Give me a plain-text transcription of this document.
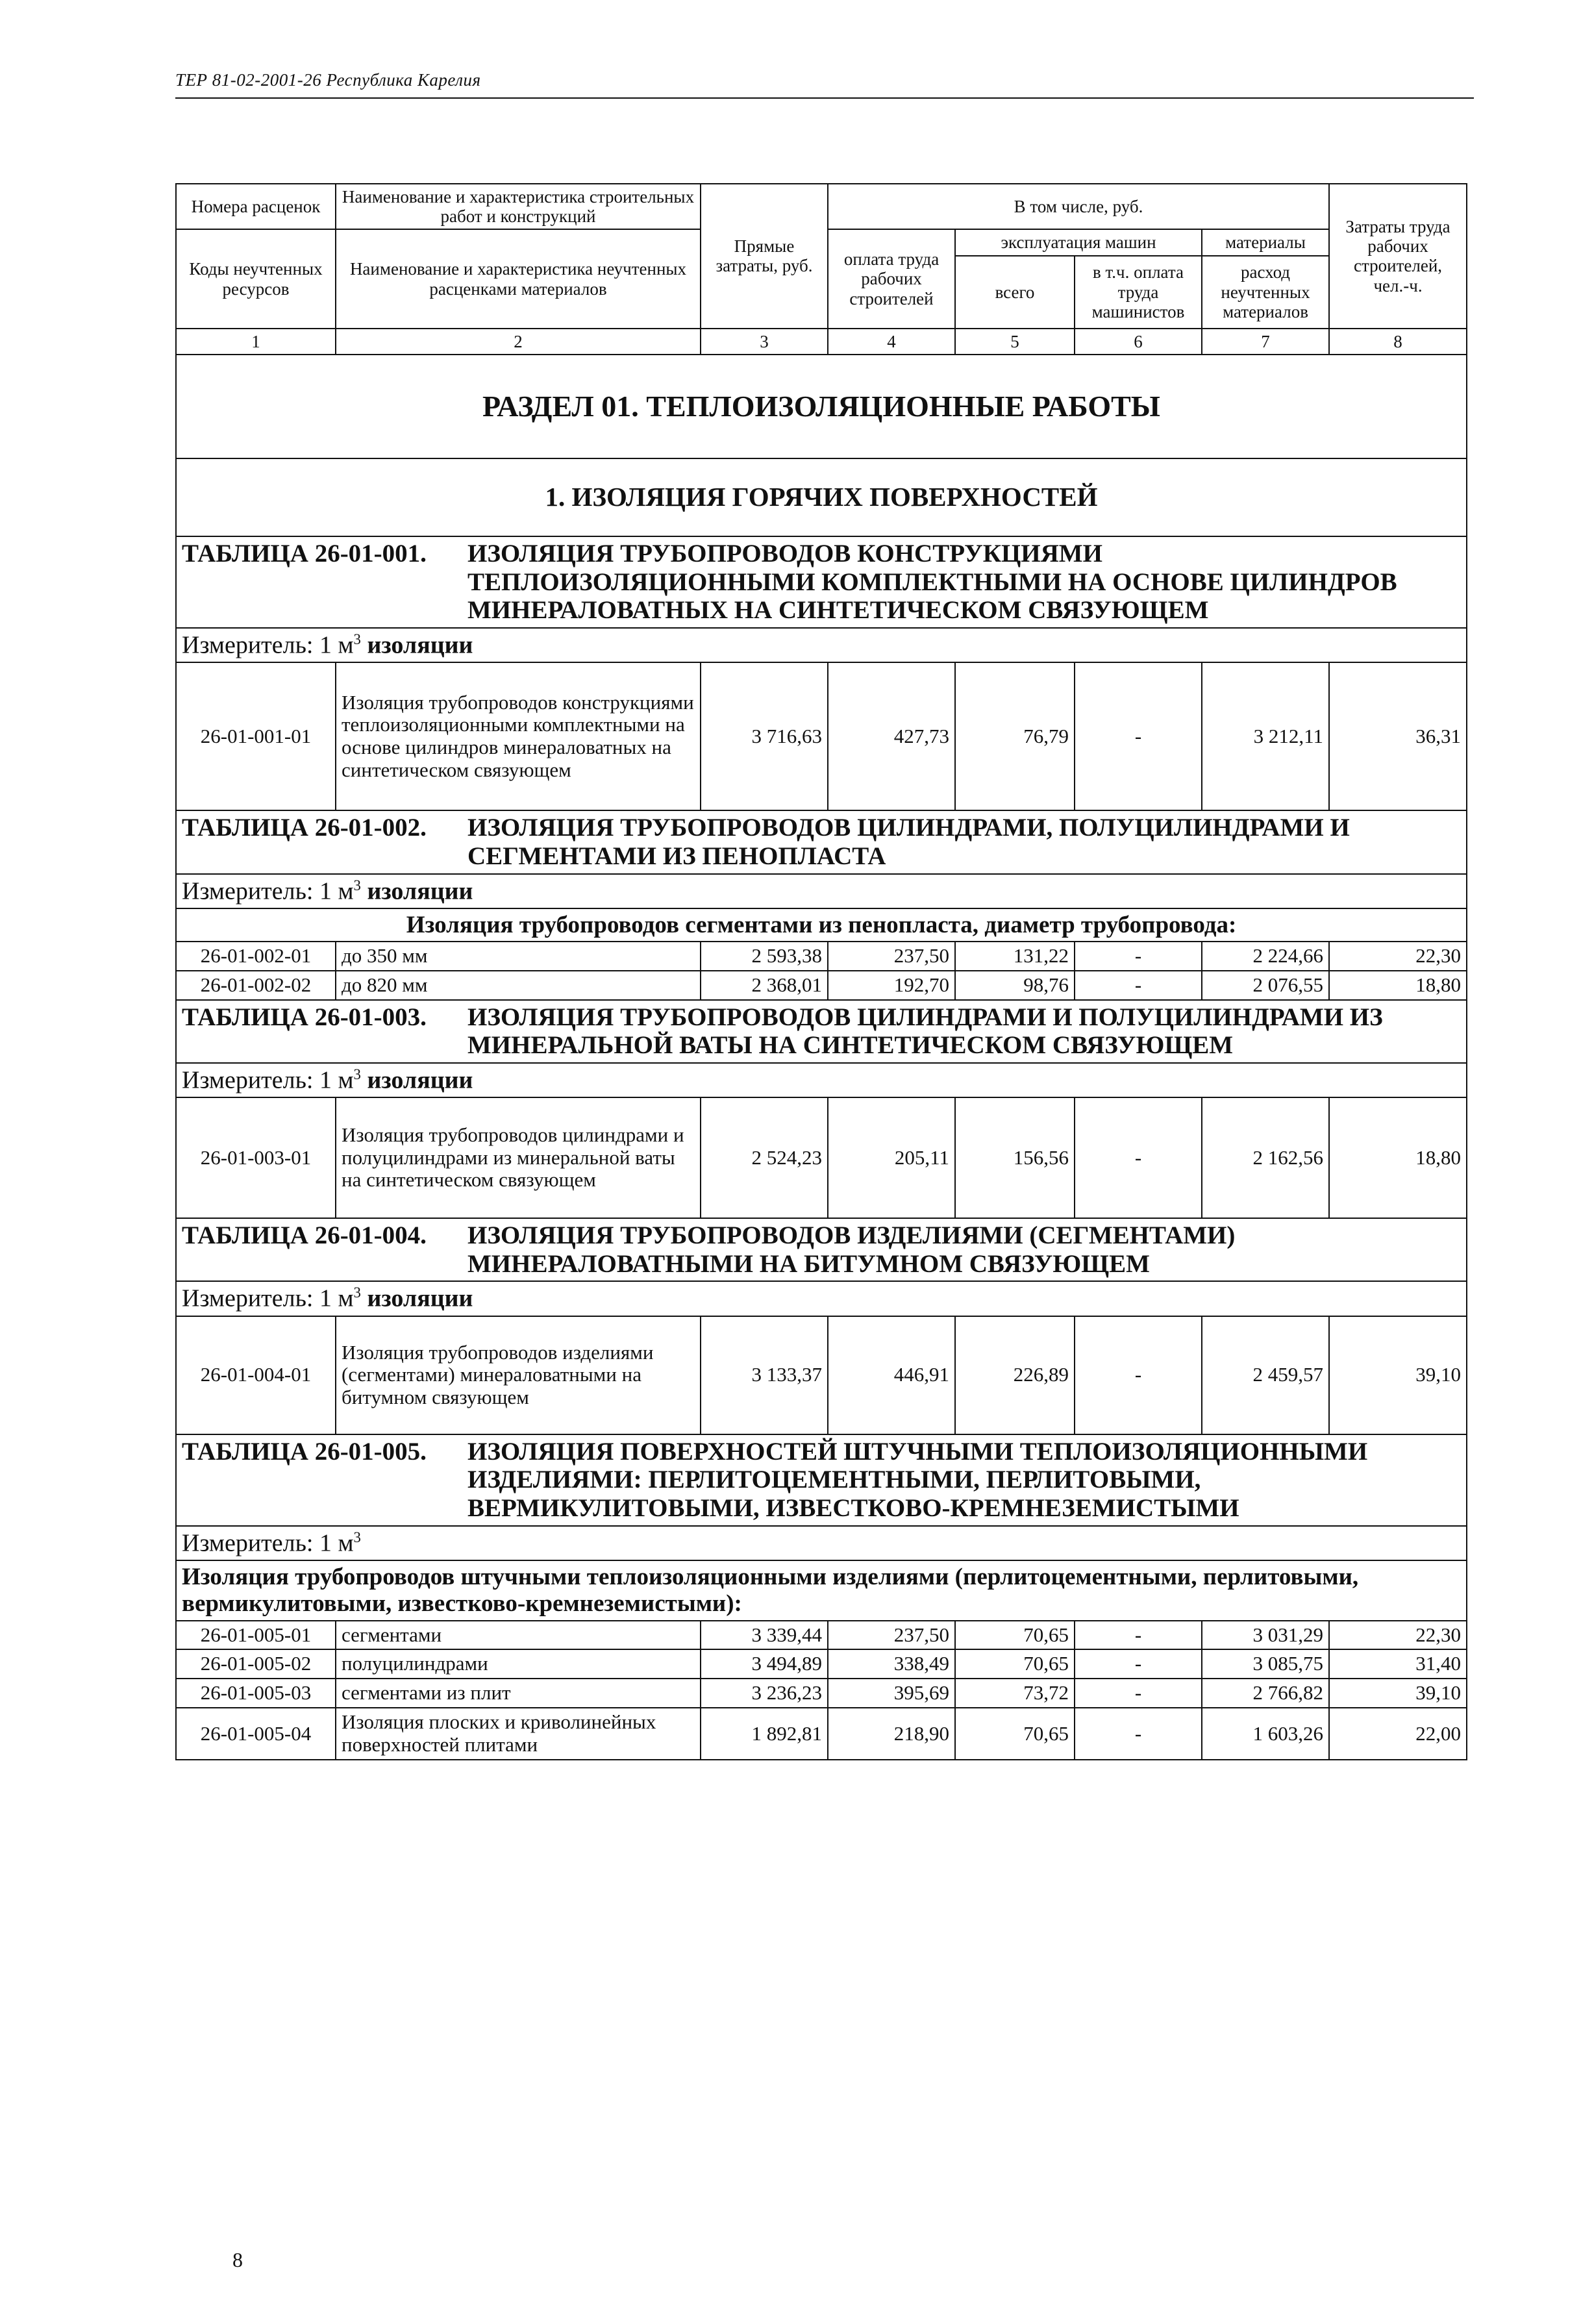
ТЕР 81-02-2001-26 Республика Карелия
Номера расценок	Наименование и характеристика строительных работ и конструкций	Прямые затраты, руб.	В том числе, руб.				Затраты труда рабочих строителей, чел.-ч.
Коды неучтенных ресурсов	Наименование и характеристика неучтенных расценками материалов		оплата труда рабочих строителей	эксплуатация машин		материалы	
				всего	в т.ч. оплата труда машинистов	расход неучтенных материалов	
1	2	3	4	5	6	7	8
РАЗДЕЛ 01. ТЕПЛОИЗОЛЯЦИОННЫЕ РАБОТЫ							
1. ИЗОЛЯЦИЯ ГОРЯЧИХ ПОВЕРХНОСТЕЙ							
ТАБЛИЦА 26-01-001. ИЗОЛЯЦИЯ ТРУБОПРОВОДОВ КОНСТРУКЦИЯМИ ТЕПЛОИЗОЛЯЦИОННЫМИ КОМПЛЕКТНЫМИ НА ОСНОВЕ ЦИЛИНДРОВ МИНЕРАЛОВАТНЫХ НА СИНТЕТИЧЕСКОМ СВЯЗУЮЩЕМ							
Измеритель: 1 $м^3$ изоляции							
26-01-001-01	Изоляция трубопроводов конструкциями теплоизоляционными комплектными на основе цилиндров минераловатных на синтетическом связующем	3 716,63	427,73	76,79	-	3 212,11	36,31
ТАБЛИЦА 26-01-002. ИЗОЛЯЦИЯ ТРУБОПРОВОДОВ ЦИЛИНДРАМИ, ПОЛУЦИЛИНДРАМИ И СЕГМЕНТАМИ ИЗ ПЕНОПЛАСТА							
Измеритель: 1 $м^3$ изоляции							
Изоляция трубопроводов сегментами из пенопласта, диаметр трубопровода:							
26-01-002-01	до 350 мм	2 593,38	237,50	131,22	-	2 224,66	22,30
26-01-002-02	до 820 мм	2 368,01	192,70	98,76	-	2 076,55	18,80
ТАБЛИЦА 26-01-003. ИЗОЛЯЦИЯ ТРУБОПРОВОДОВ ЦИЛИНДРАМИ И ПОЛУЦИЛИНДРАМИ ИЗ МИНЕРАЛЬНОЙ ВАТЫ НА СИНТЕТИЧЕСКОМ СВЯЗУЮЩЕМ							
Измеритель: 1 $м^3$ изоляции							
26-01-003-01	Изоляция трубопроводов цилиндрами и полуцилиндрами из минеральной ваты на синтетическом связующем	2 524,23	205,11	156,56	-	2 162,56	18,80
ТАБЛИЦА 26-01-004. ИЗОЛЯЦИЯ ТРУБОПРОВОДОВ ИЗДЕЛИЯМИ (СЕГМЕНТАМИ) МИНЕРАЛОВАТНЫМИ НА БИТУМНОМ СВЯЗУЮЩЕМ							
Измеритель: 1 $м^3$ изоляции							
26-01-004-01	Изоляция трубопроводов изделиями (сегментами) минераловатными на битумном связующем	3 133,37	446,91	226,89	-	2 459,57	39,10
ТАБЛИЦА 26-01-005. ИЗОЛЯЦИЯ ПОВЕРХНОСТЕЙ ШТУЧНЫМИ ТЕПЛОИЗОЛЯЦИОННЫМИ ИЗДЕЛИЯМИ: ПЕРЛИТОЦЕМЕНТНЫМИ, ПЕРЛИТОВЫМИ, ВЕРМИКУЛИТОВЫМИ, ИЗВЕСТКОВО-КРЕМНЕЗЕМИСТЫМИ							
Измеритель: 1 $м^3$
Изоляция трубопроводов штучными теплоизоляционными изделиями (перлитоцементными, перлитовыми, вермикулитовыми, известково-кремнеземистыми):							
26-01-005-01	сегментами	3 339,44	237,50	70,65	-	3 031,29	22,30
26-01-005-02	полуцилиндрами	3 494,89	338,49	70,65	-	3 085,75	31,40
26-01-005-03	сегментами из плит	3 236,23	395,69	73,72	-	2 766,82	39,10
26-01-005-04	Изоляция плоских и криволинейных поверхностей плитами	1 892,81	218,90	70,65	-	1 603,26	22,00
8
